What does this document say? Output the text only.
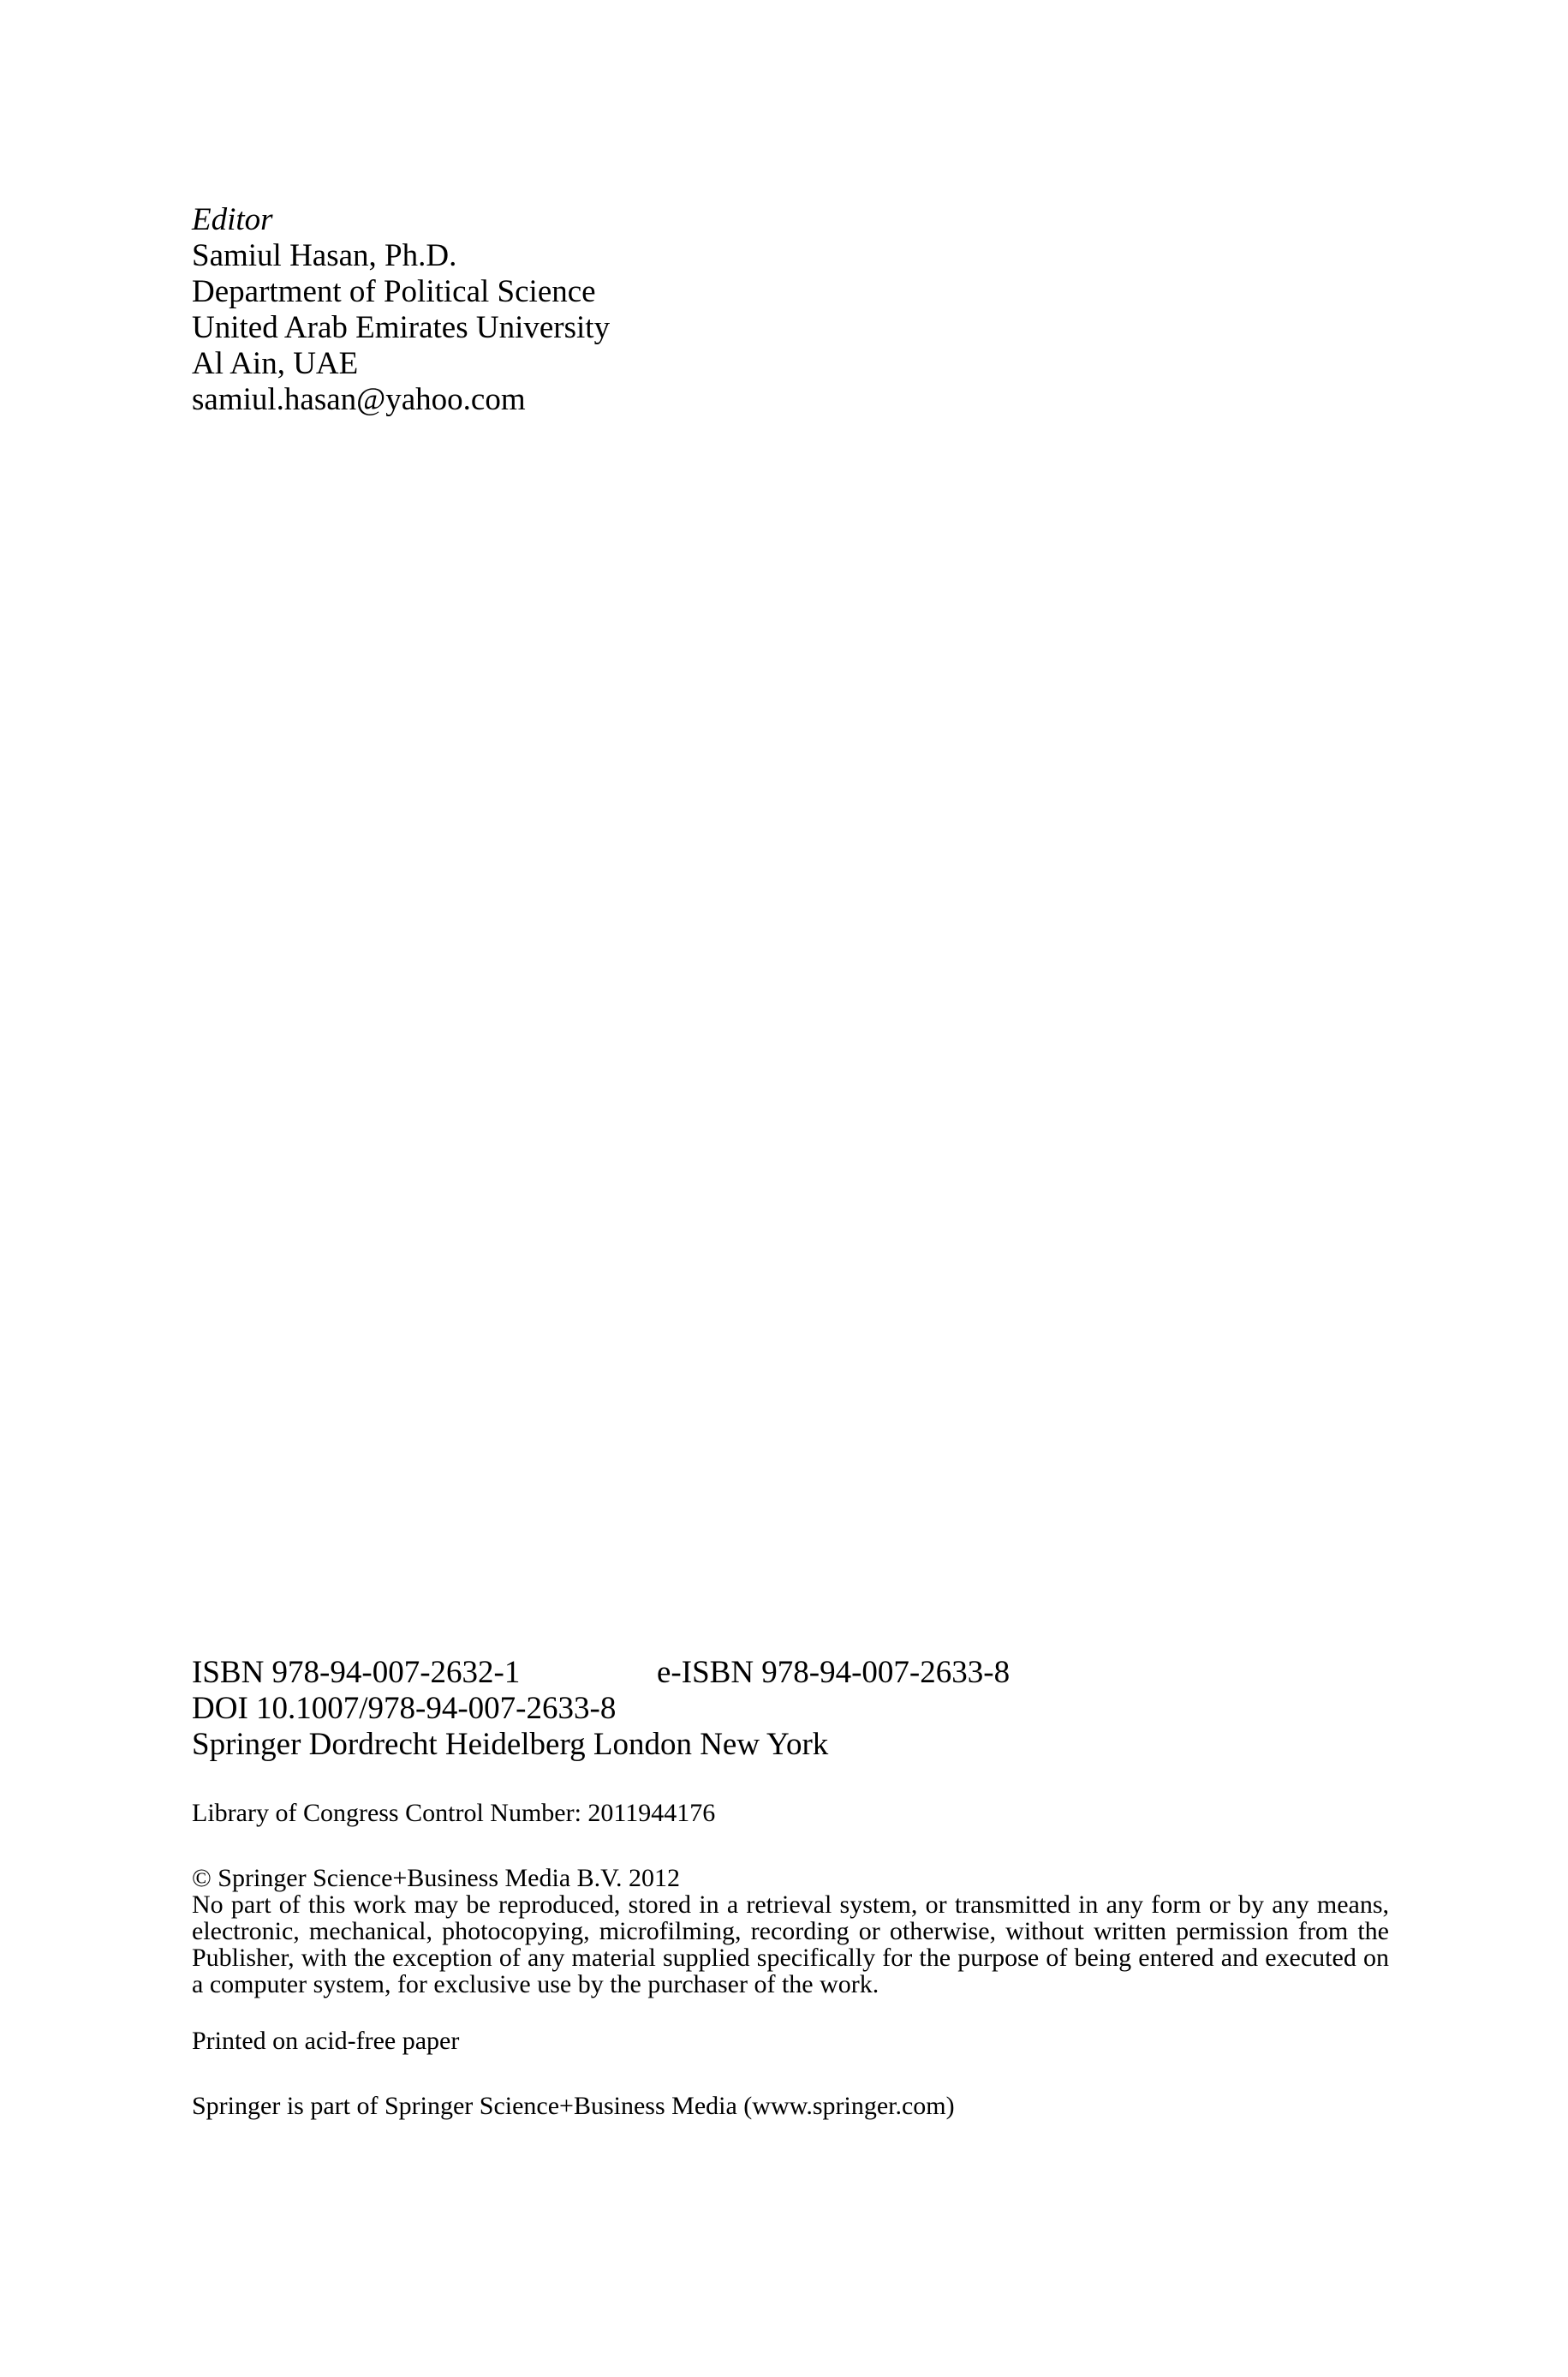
Editor
Samiul Hasan, Ph.D.
Department of Political Science
United Arab Emirates University
Al Ain, UAE
samiul.hasan@yahoo.com
ISBN 978-94-007-2632-1	e-ISBN 978-94-007-2633-8
DOI 10.1007/978-94-007-2633-8
Springer Dordrecht Heidelberg London New York
Library of Congress Control Number: 2011944176
© Springer Science+Business Media B.V. 2012
No part of this work may be reproduced, stored in a retrieval system, or transmitted in any form or by any means, electronic, mechanical, photocopying, microfilming, recording or otherwise, without written permission from the Publisher, with the exception of any material supplied specifically for the purpose of being entered and executed on a computer system, for exclusive use by the purchaser of the work.
Printed on acid-free paper
Springer is part of Springer Science+Business Media (www.springer.com)
